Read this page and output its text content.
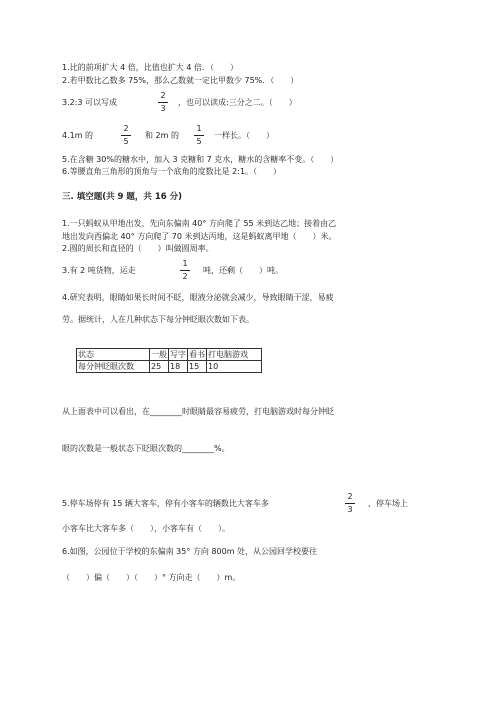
1.比的前项扩大 4 倍，比值也扩大 4 倍．（　　）
2.若甲数比乙数多 75%，那么乙数就一定比甲数少 75%．（　　）
3.2:3 可以写成
2
3
，也可以读成:三分之二。（　　）
4.1m 的
2
5
和 2m 的
1
5
一样长。（　　）
5.在含糖 30%的糖水中，加入 3 克糖和 7 克水，糖水的含糖率不变。（　　）
6.等腰直角三角形的顶角与一个底角的度数比是 2:1。（　　）
三. 填空题(共 9 题，共 16 分)
1.一只蚂蚁从甲地出发，先向东偏南 40° 方向爬了 55 米到达乙地；接着由乙
地出发向西偏北 40° 方向爬了 70 米到达丙地，这是蚂蚁离甲地（　　）米。
2.圆的周长和直径的（　　）叫做圆周率。
3.有 2 吨货物，运走
1
2
吨，还剩（　　）吨。
4.研究表明，眼睛如果长时间不眨，眼液分泌就会减少，导致眼睛干涩，易疲
劳。据统计，人在几种状态下每分钟眨眼次数如下表。
状态	一般	写字	看书	打电脑游戏
每分钟眨眼次数	25	18	15	10
从上面表中可以看出，在________时眼睛最容易疲劳，打电脑游戏时每分钟眨
眼的次数是一般状态下眨眼次数的________%。
5.停车场停有 15 辆大客车，停有小客车的辆数比大客车多
2
3
，停车场上
小客车比大客车多（　　），小客车有（　　）。
6.如图，公园位于学校的东偏南 35° 方向 800m 处，从公园回学校要往
（　　）偏（　　）（　　）° 方向走（　　）m。
